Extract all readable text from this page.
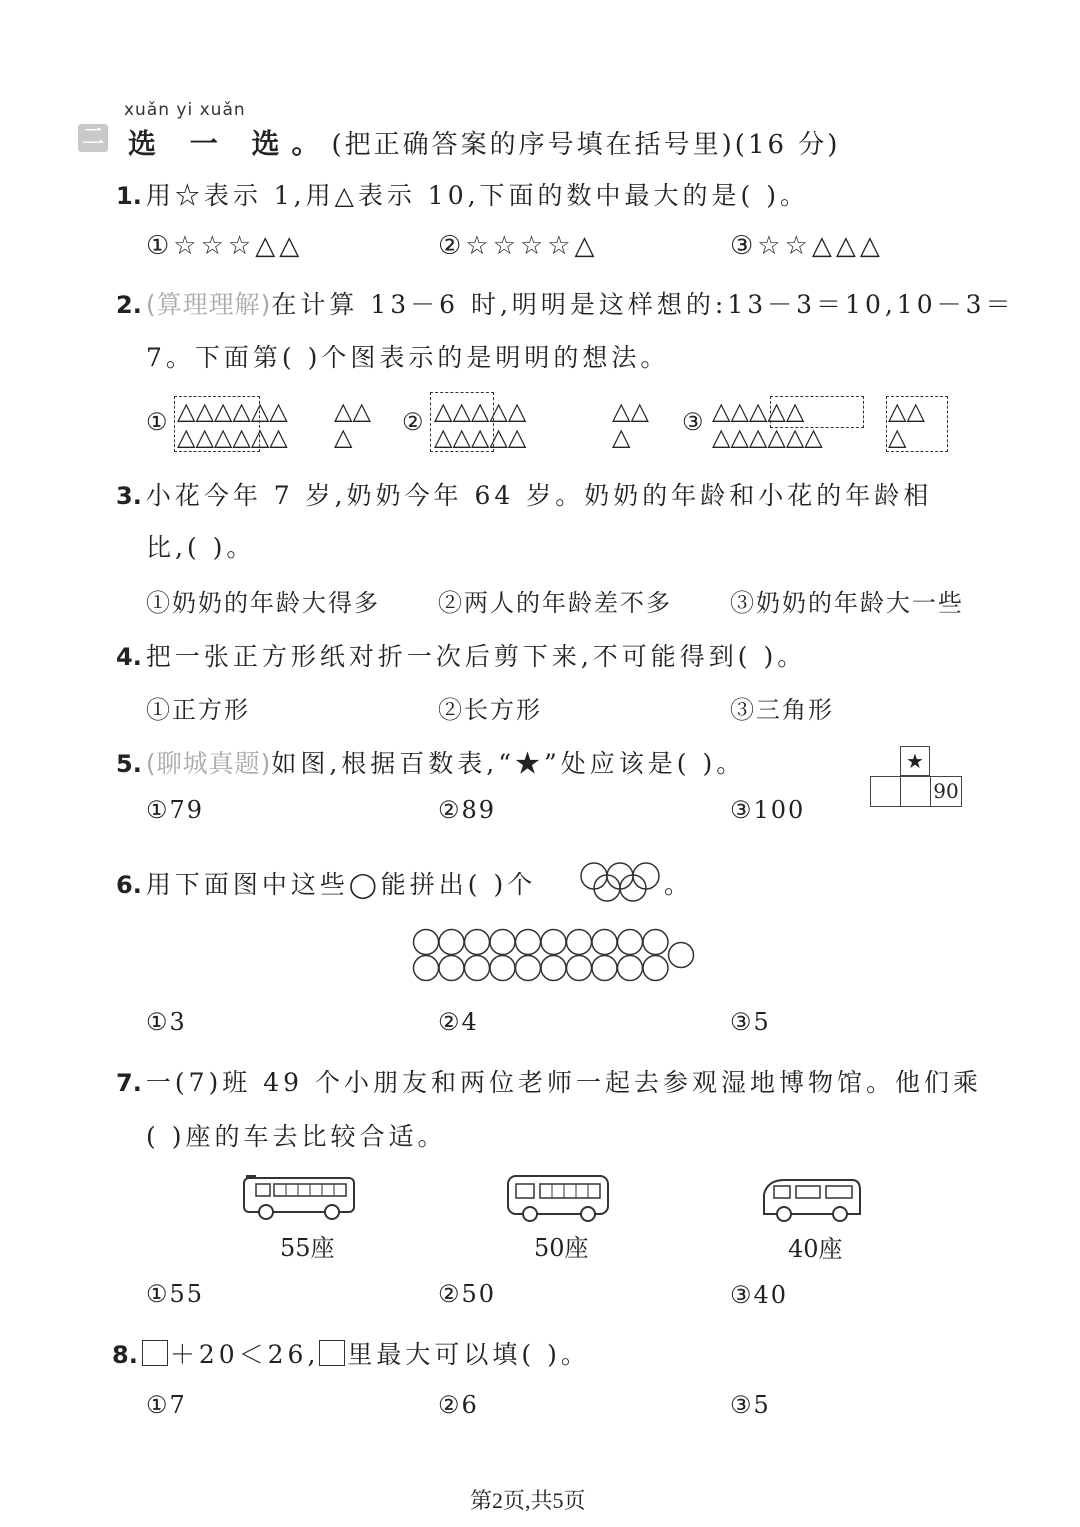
xuǎn yi xuǎn
二 选 一 选。(把正确答案的序号填在括号里)(16 分)
1. 用☆表示 1,用△表示 10,下面的数中最大的是( )。
①☆☆☆△△	②☆☆☆☆△	③☆☆△△△
2. (算理理解)在计算 13－6 时,明明是这样想的:13－3＝10,10－3＝
7。下面第( )个图表示的是明明的想法。
① △△△△△△
△△△△△△
△△
△
② △△△△△
△△△△△
△△
△
③ △△△△△
△△△△△△
△△
△
3. 小花今年 7 岁,奶奶今年 64 岁。奶奶的年龄和小花的年龄相
比,( )。
①奶奶的年龄大得多 ②两人的年龄差不多 ③奶奶的年龄大一些
4. 把一张正方形纸对折一次后剪下来,不可能得到( )。
①正方形	②长方形	③三角形
5. (聊城真题)如图,根据百数表,“★”处应该是( )。
①79	②89	③100
★
90
6. 用下面图中这些◯能拼出( )个	。
①3	②4	③5
7. 一(7)班 49 个小朋友和两位老师一起去参观湿地博物馆。他们乘
( )座的车去比较合适。
55座	50座	40座
①55	②50	③40
8. ＋20＜26, 里最大可以填( )。
①7	②6	③5
第2页,共5页
